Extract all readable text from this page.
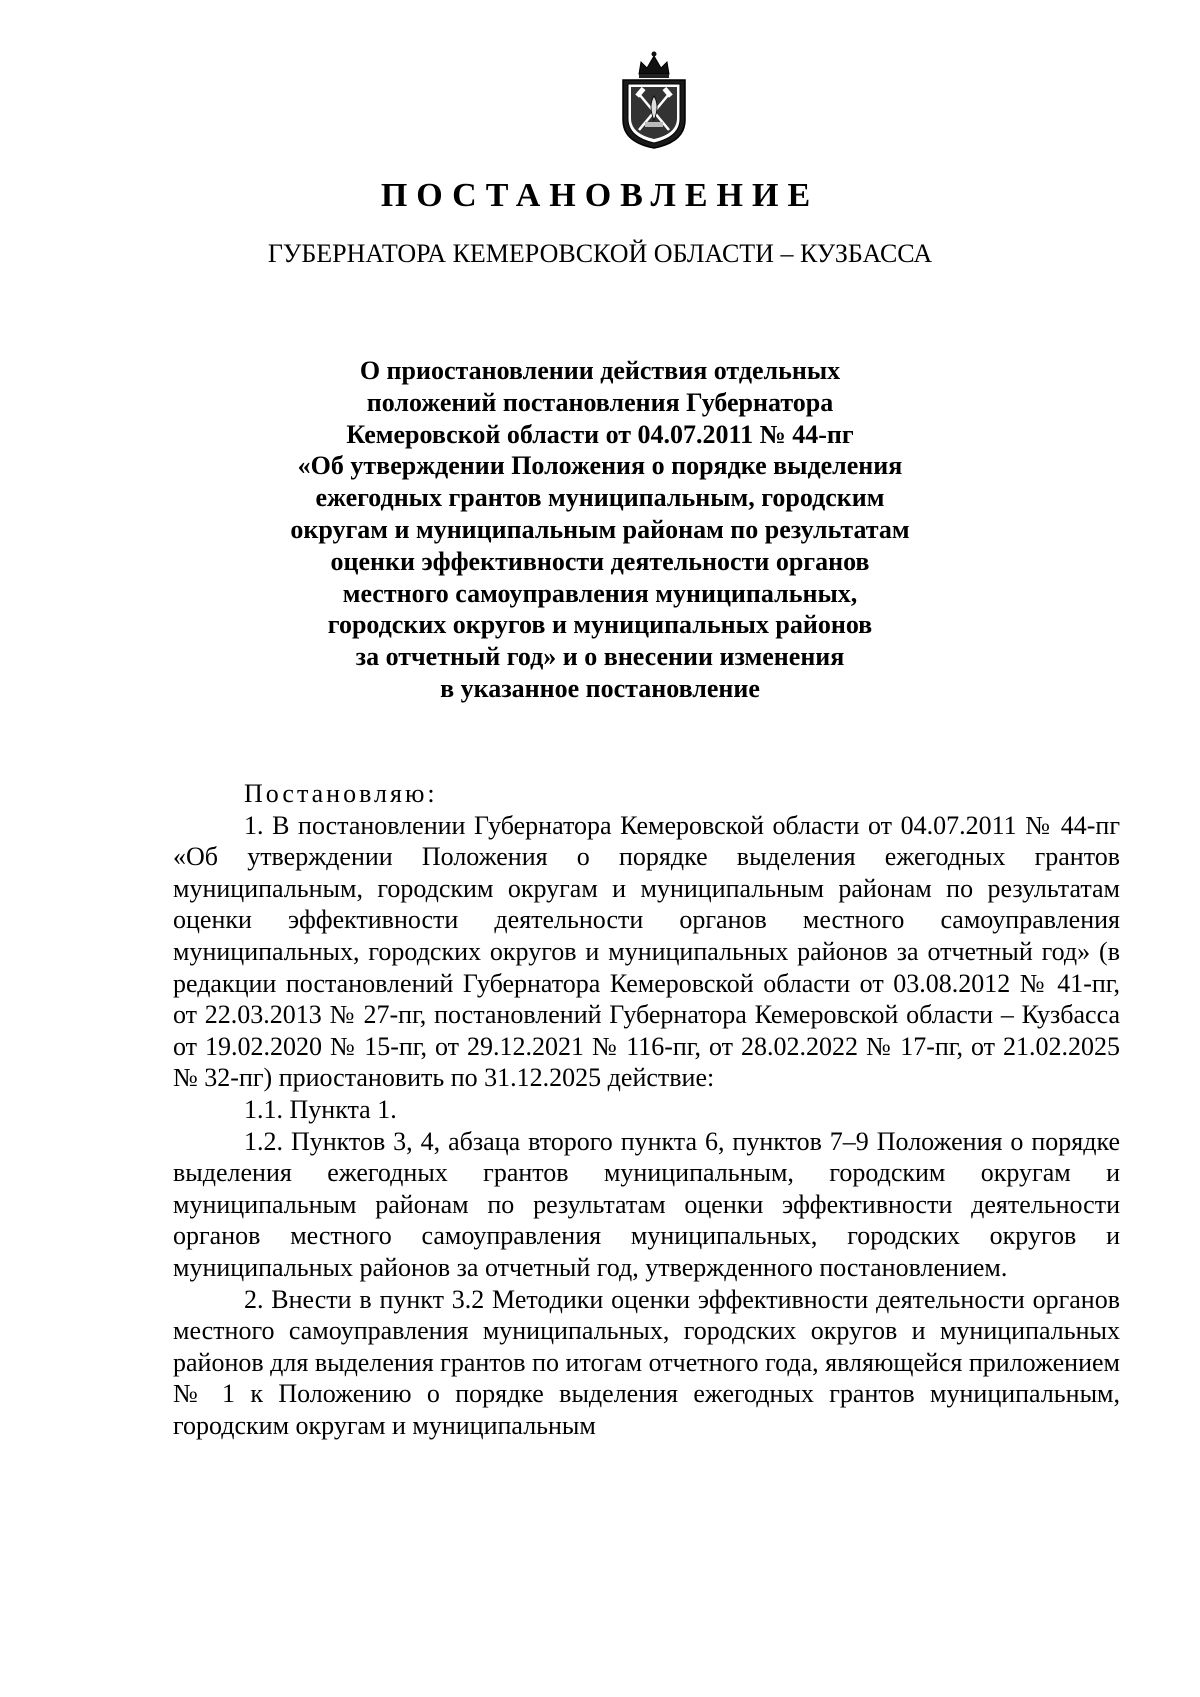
ПОСТАНОВЛЕНИЕ
ГУБЕРНАТОРА КЕМЕРОВСКОЙ ОБЛАСТИ – КУЗБАССА
О приостановлении действия отдельных
положений постановления Губернатора
Кемеровской области от 04.07.2011 № 44-пг
«Об утверждении Положения о порядке выделения
ежегодных грантов муниципальным, городским
округам и муниципальным районам по результатам
оценки эффективности деятельности органов
местного самоуправления муниципальных,
городских округов и муниципальных районов
за отчетный год» и о внесении изменения
в указанное постановление
Постановляю:

1. В постановлении Губернатора Кемеровской области от 04.07.2011 № 44-пг «Об утверждении Положения о порядке выделения ежегодных грантов муниципальным, городским округам и муниципальным районам по результатам оценки эффективности деятельности органов местного самоуправления муниципальных, городских округов и муниципальных районов за отчетный год» (в редакции постановлений Губернатора Кемеровской области от 03.08.2012 № 41-пг, от 22.03.2013 № 27-пг, постановлений Губернатора Кемеровской области – Кузбасса от 19.02.2020 № 15-пг, от 29.12.2021 № 116-пг, от 28.02.2022 № 17-пг, от 21.02.2025 № 32-пг) приостановить по 31.12.2025 действие:

1.1. Пункта 1.

1.2. Пунктов 3, 4, абзаца второго пункта 6, пунктов 7–9 Положения о порядке выделения ежегодных грантов муниципальным, городским округам и муниципальным районам по результатам оценки эффективности деятельности органов местного самоуправления муниципальных, городских округов и муниципальных районов за отчетный год, утвержденного постановлением.

2. Внести в пункт 3.2 Методики оценки эффективности деятельности органов местного самоуправления муниципальных, городских округов и муниципальных районов для выделения грантов по итогам отчетного года, являющейся приложением № 1 к Положению о порядке выделения ежегодных грантов муниципальным, городским округам и муниципальным
